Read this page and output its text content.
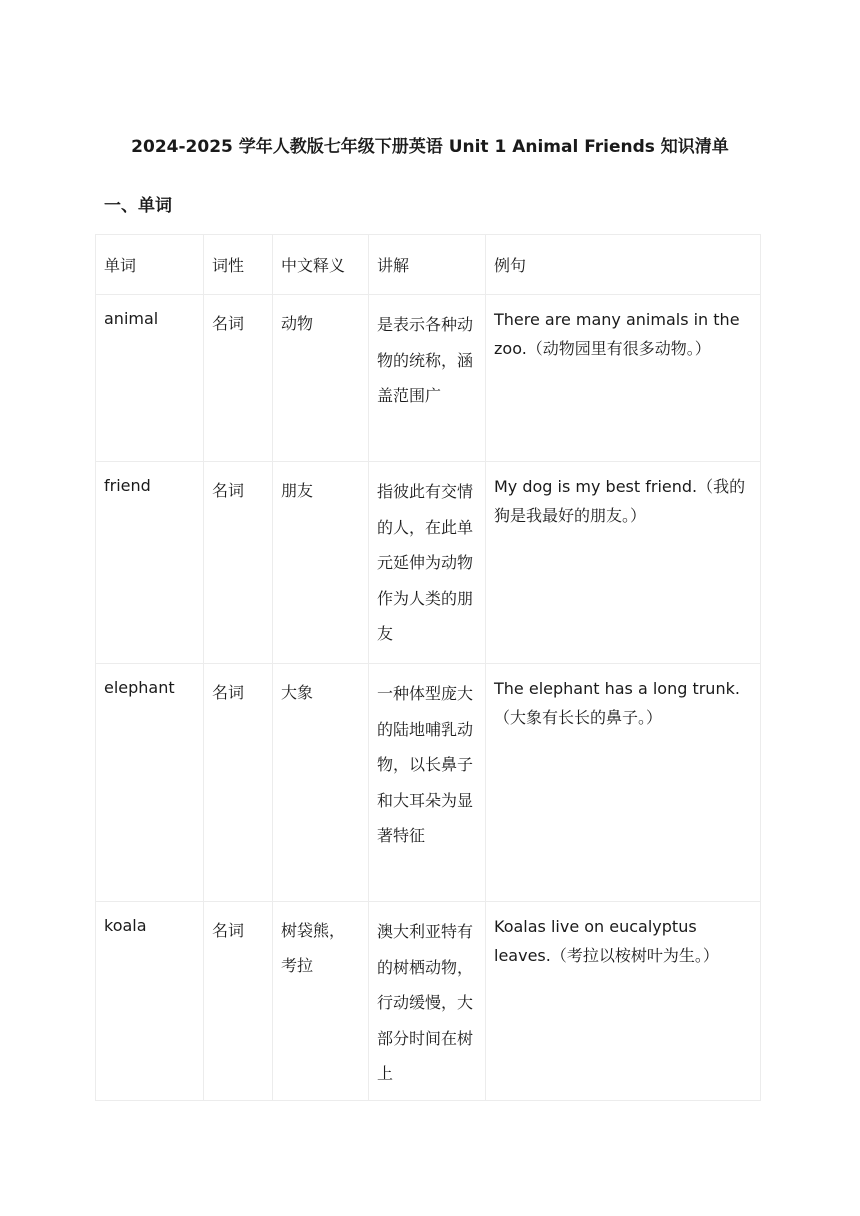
2024-2025 学年人教版七年级下册英语 Unit 1 Animal Friends 知识清单
一、单词
单词	词性	中文释义	讲解	例句
animal	名词	动物	是表示各种动物的统称，涵盖范围广	There are many animals in the zoo.（动物园里有很多动物。）
friend	名词	朋友	指彼此有交情的人，在此单元延伸为动物作为人类的朋友	My dog is my best friend.（我的狗是我最好的朋友。）
elephant	名词	大象	一种体型庞大的陆地哺乳动物，以长鼻子和大耳朵为显著特征	The elephant has a long trunk.（大象有长长的鼻子。）
koala	名词	树袋熊，考拉	澳大利亚特有的树栖动物，行动缓慢，大部分时间在树上	Koalas live on eucalyptus leaves.（考拉以桉树叶为生。）
